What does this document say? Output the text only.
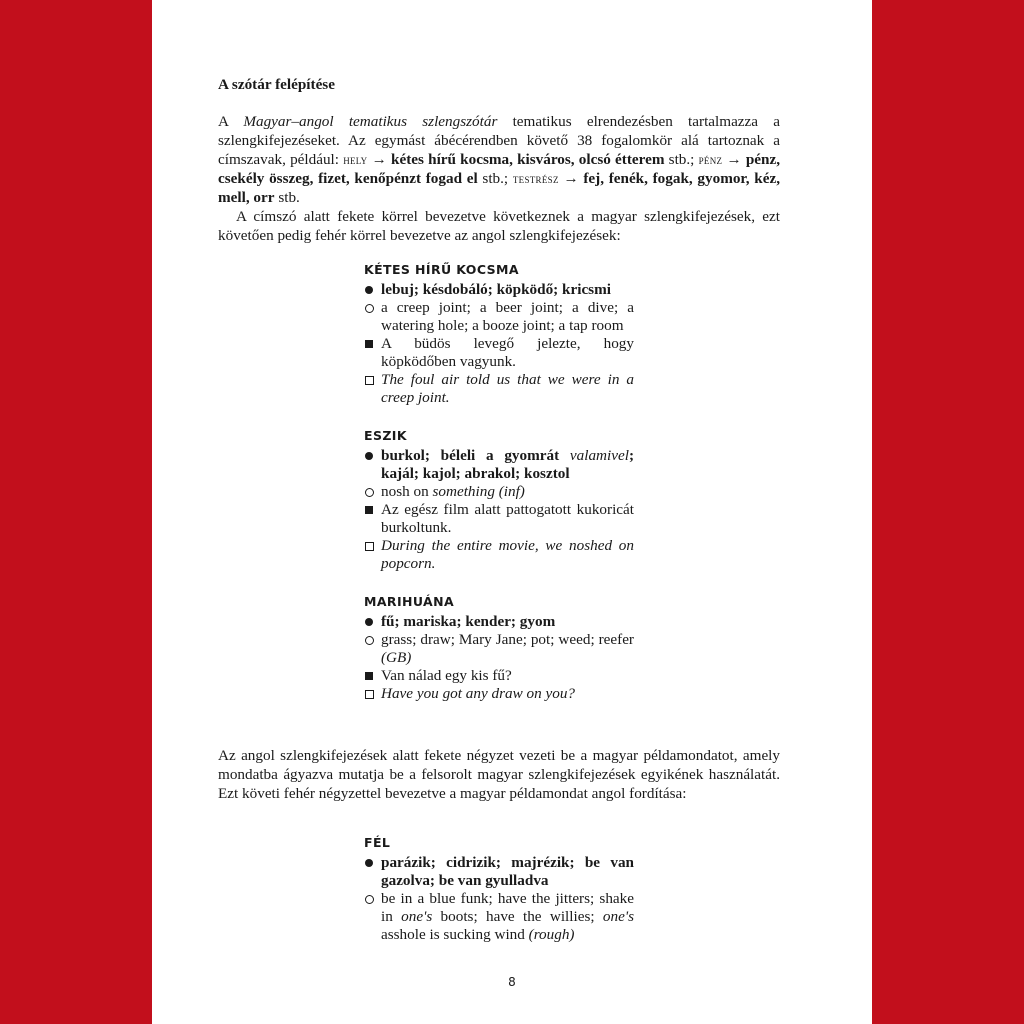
A szótár felépítése

A Magyar–angol tematikus szlengszótár tematikus elrendezésben tartalmazza a szlengkifejezéseket. Az egymást ábécérendben követő 38 fogalomkör alá tartoznak a címszavak, például: hely → kétes hírű kocsma, kisváros, olcsó étterem stb.; pénz → pénz, csekély összeg, fizet, kenőpénzt fogad el stb.; testrész → fej, fenék, fogak, gyomor, kéz, mell, orr stb.

A címszó alatt fekete körrel bevezetve következnek a magyar szlengkifejezések, ezt követően pedig fehér körrel bevezetve az angol szlengkifejezések:

KÉTES HÍRŰ KOCSMA
lebuj; késdobáló; köpködő; kricsmi
a creep joint; a beer joint; a dive; a watering hole; a booze joint; a tap room
A büdös levegő jelezte, hogy köpködőben vagyunk.
The foul air told us that we were in a creep joint.
ESZIK
burkol; béleli a gyomrát valamivel; kajál; kajol; abrakol; kosztol
nosh on something (inf)
Az egész film alatt pattogatott kukoricát burkoltunk.
During the entire movie, we noshed on popcorn.
MARIHUÁNA
fű; mariska; kender; gyom
grass; draw; Mary Jane; pot; weed; reefer (GB)
Van nálad egy kis fű?
Have you got any draw on you?
Az angol szlengkifejezések alatt fekete négyzet vezeti be a magyar példamondatot, amely mondatba ágyazva mutatja be a felsorolt magyar szlengkifejezések egyikének használatát. Ezt követi fehér négyzettel bevezetve a magyar példamondat angol fordítása:
FÉL
parázik; cidrizik; majrézik; be van gazolva; be van gyulladva
be in a blue funk; have the jitters; shake in one's boots; have the willies; one's asshole is sucking wind (rough)
8
